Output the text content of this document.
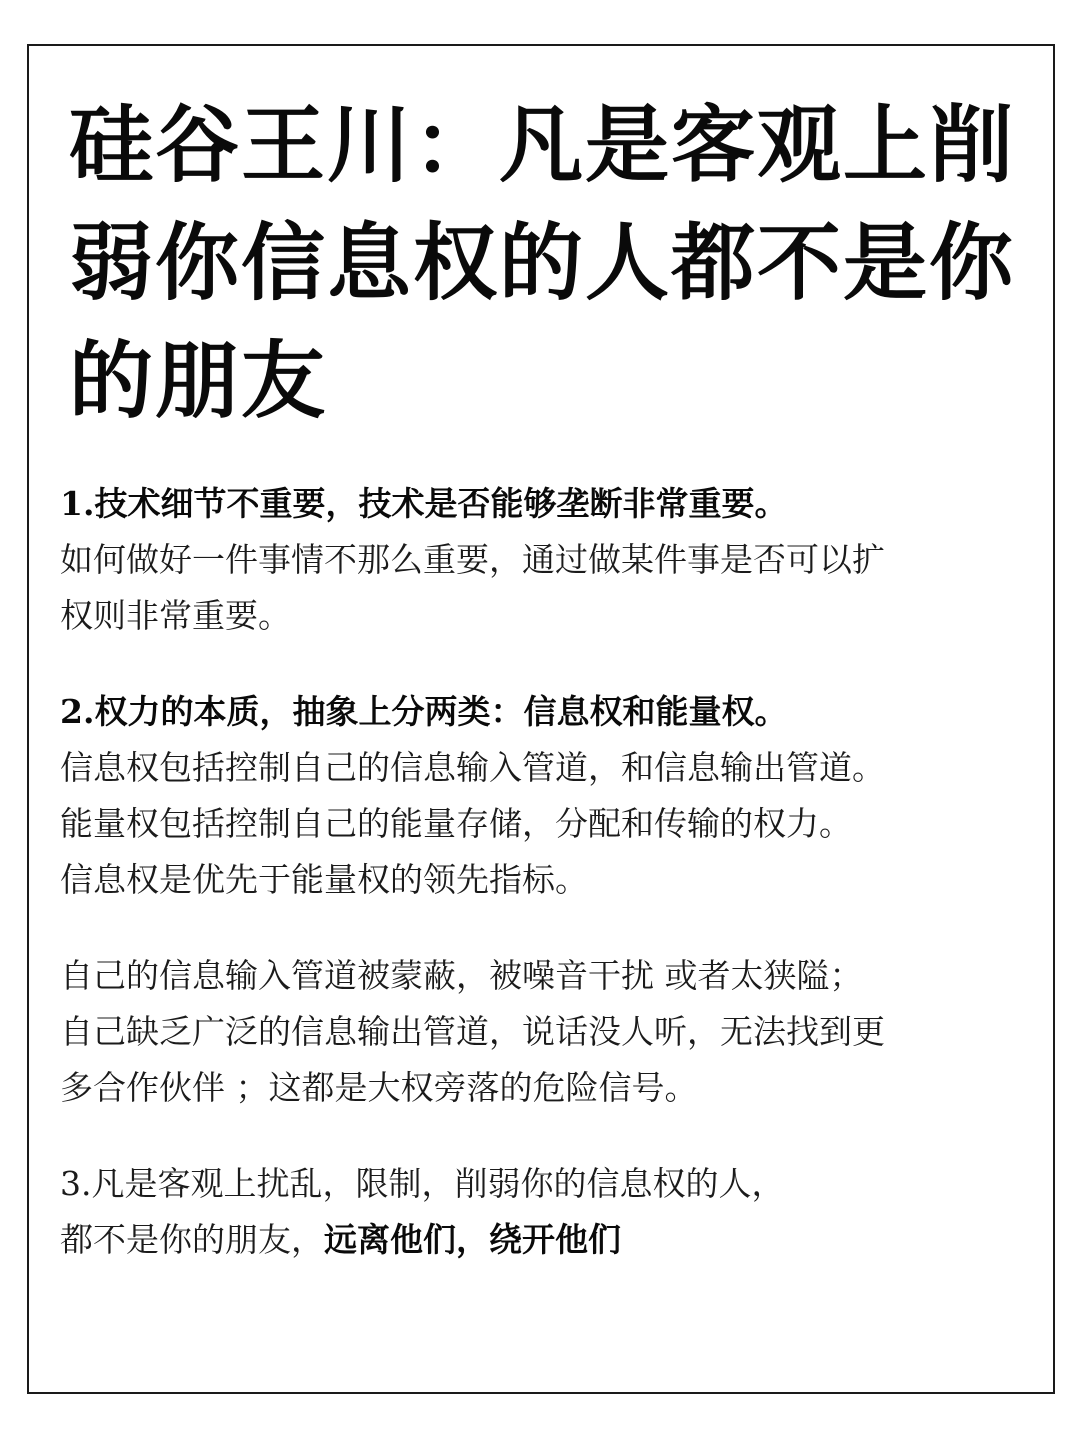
硅谷王川：凡是客观上削
弱你信息权的人都不是你
的朋友

1.技术细节不重要，技术是否能够垄断非常重要。
如何做好一件事情不那么重要，通过做某件事是否可以扩
权则非常重要。

2.权力的本质，抽象上分两类：信息权和能量权。
信息权包括控制自己的信息输入管道，和信息输出管道。
能量权包括控制自己的能量存储，分配和传输的权力。
信息权是优先于能量权的领先指标。

自己的信息输入管道被蒙蔽，被噪音干扰 或者太狭隘；
自己缺乏广泛的信息输出管道，说话没人听，无法找到更
多合作伙伴 ；这都是大权旁落的危险信号。

3.凡是客观上扰乱，限制，削弱你的信息权的人，
都不是你的朋友，远离他们，绕开他们
